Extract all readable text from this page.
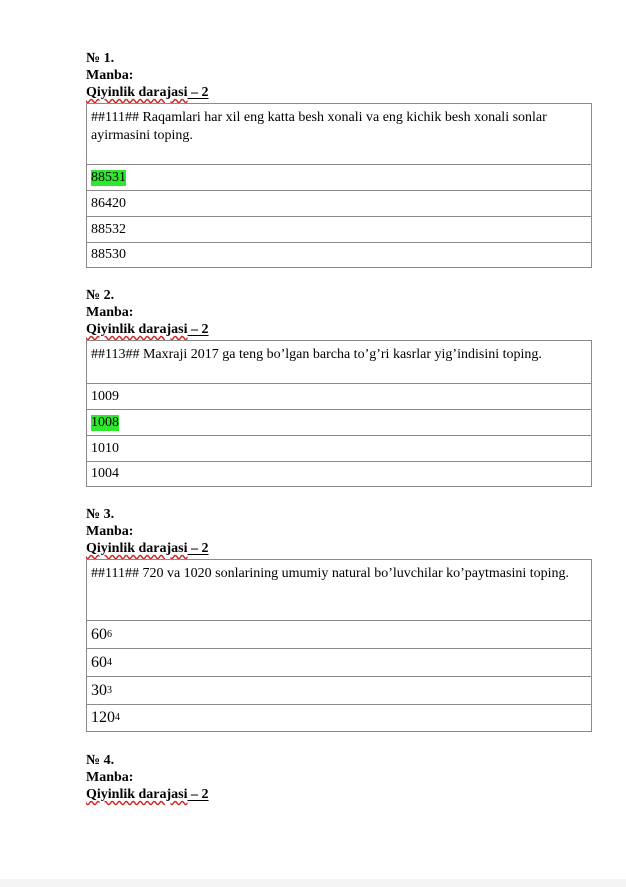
№ 1.
Manba:
Qiyinlik darajasi – 2
##111## Raqamlari har xil eng katta besh xonali va eng kichik besh xonali sonlar ayirmasini toping.
88531
86420
88532
88530
№ 2.
Manba:
Qiyinlik darajasi – 2
##113## Maxraji 2017 ga teng bo’lgan barcha to’g’ri kasrlar yig’indisini toping.
1009
1008
1010
1004
№ 3.
Manba:
Qiyinlik darajasi – 2
##111## 720 va 1020 sonlarining umumiy natural bo’luvchilar ko’paytmasini toping.
60 6
60 4
30 3
120 4
№ 4.
Manba:
Qiyinlik darajasi – 2
